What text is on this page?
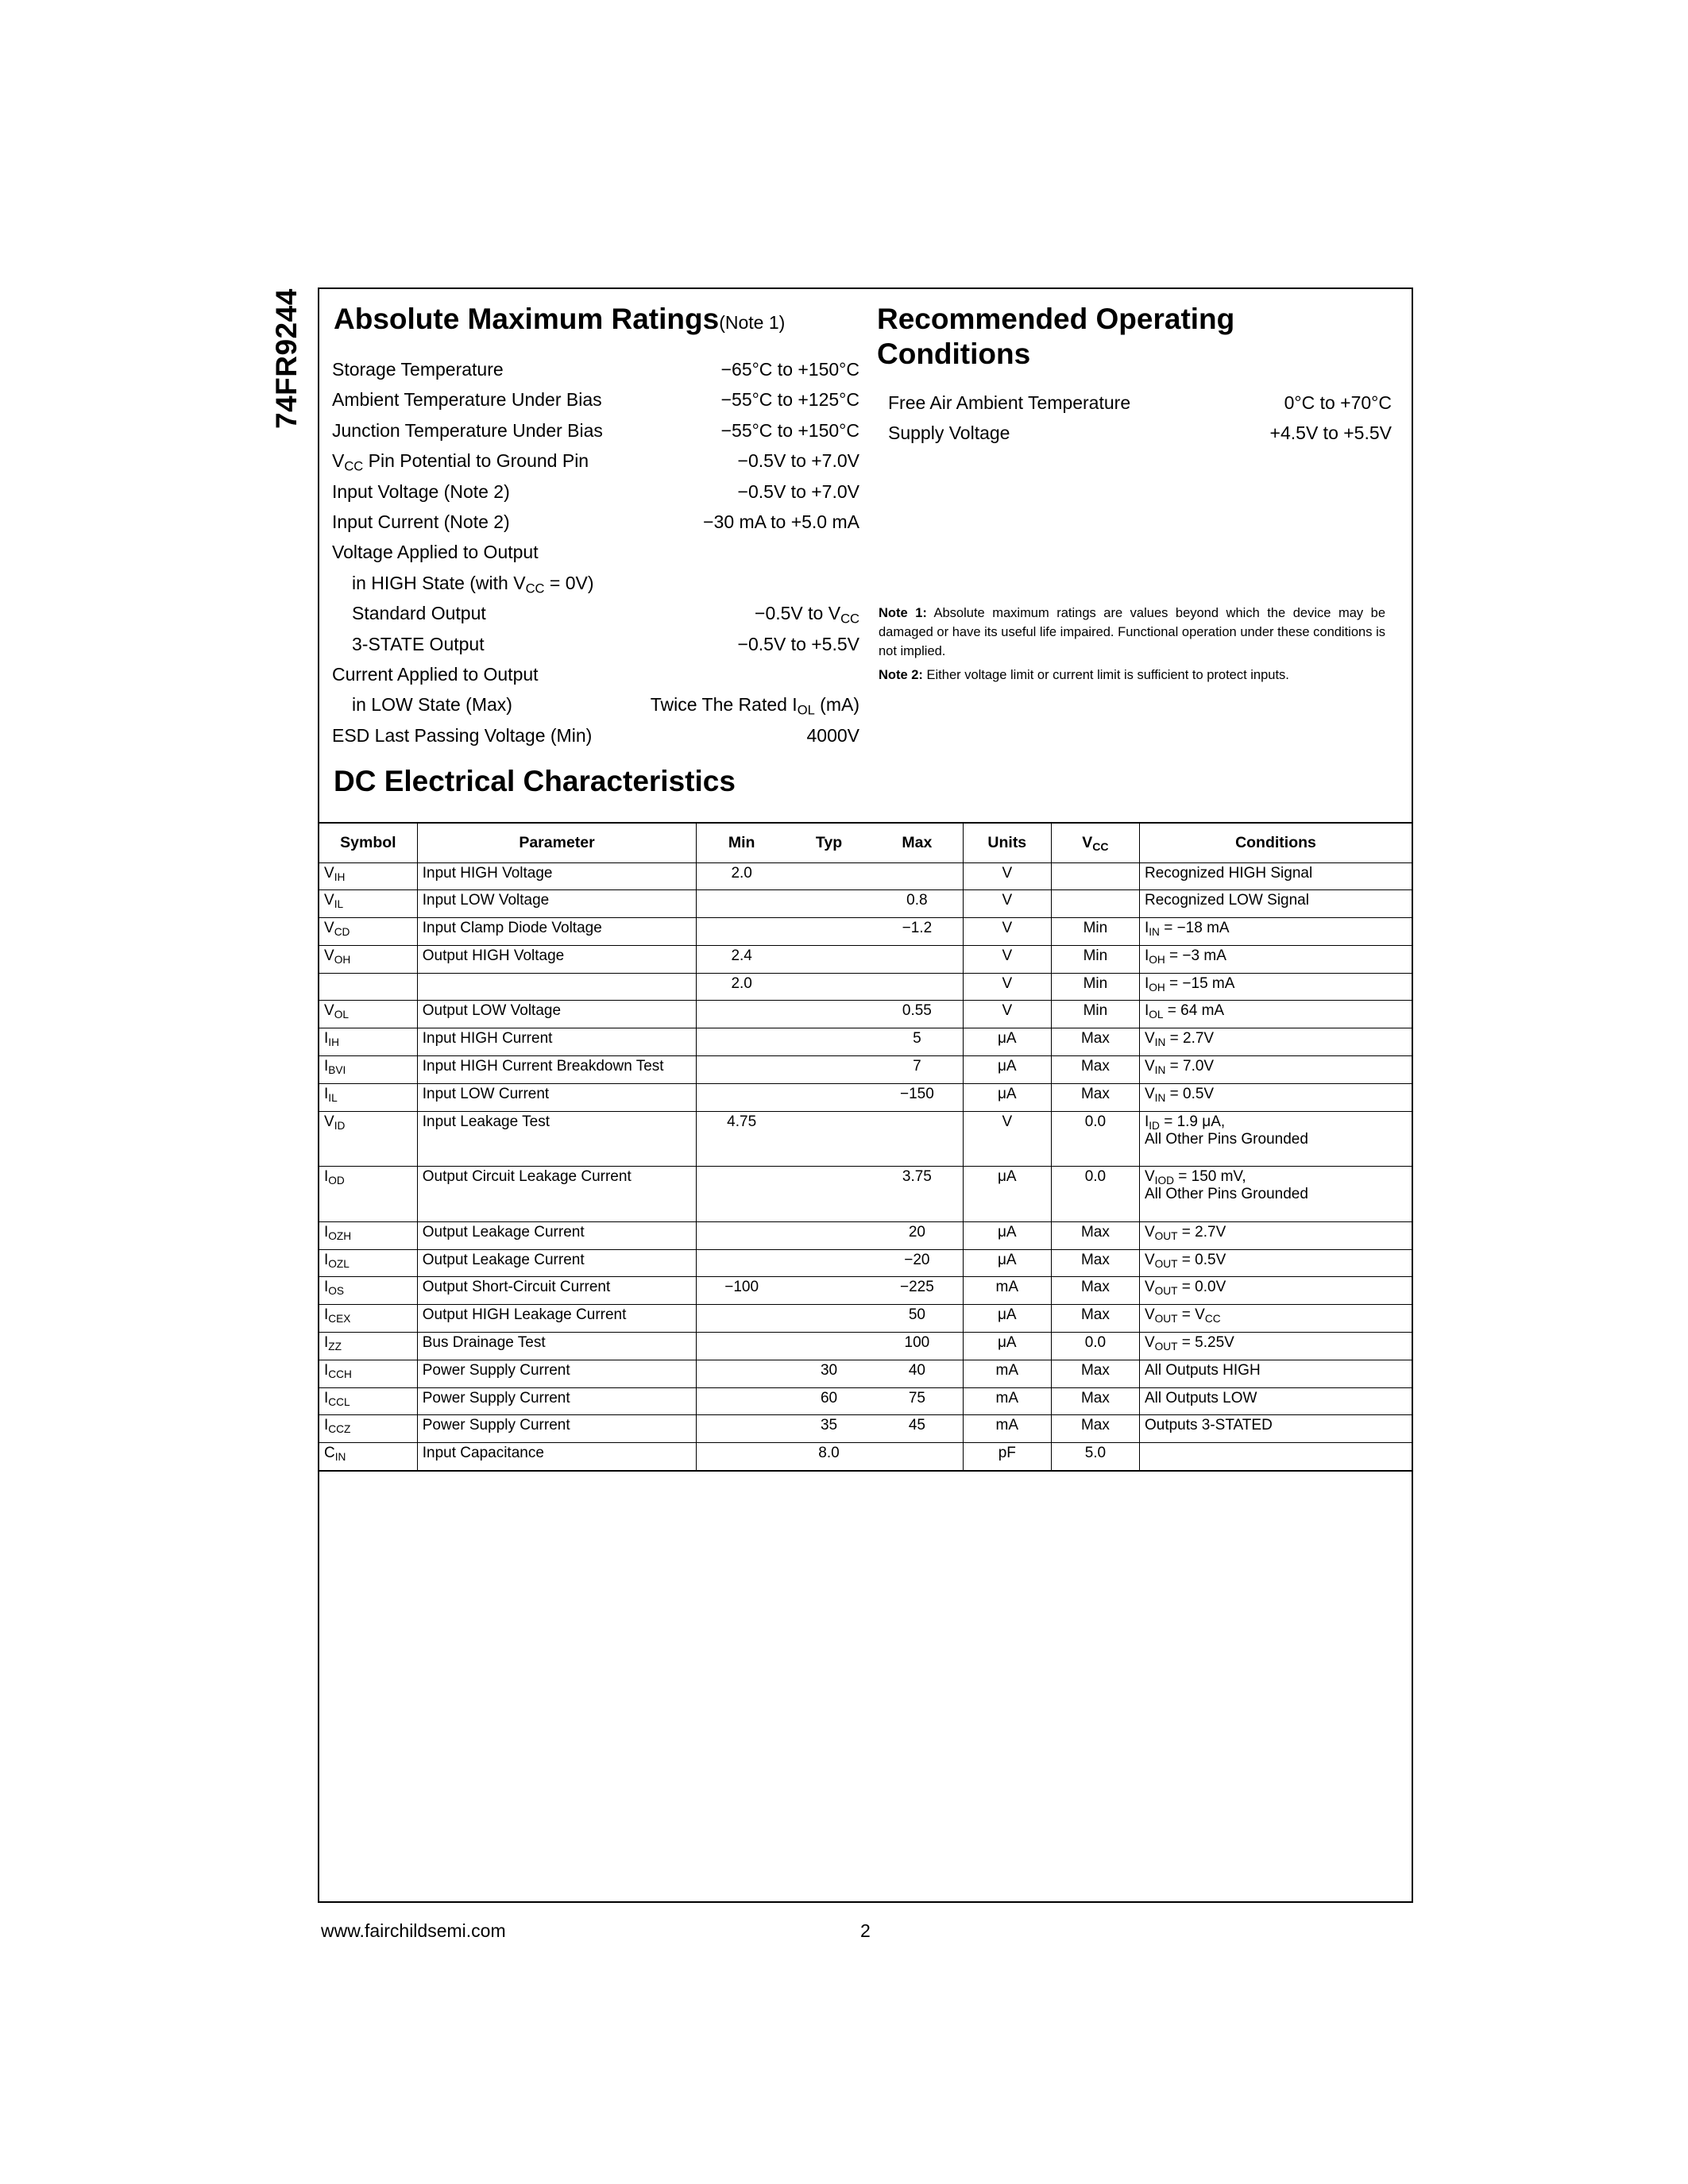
74FR9244 Absolute Maximum Ratings(Note 1)
Storage Temperature	−65°C to +150°C
Ambient Temperature Under Bias	−55°C to +125°C
Junction Temperature Under Bias	−55°C to +150°C
$V_{CC}$ Pin Potential to Ground Pin	−0.5V to +7.0V
Input Voltage (Note 2)	−0.5V to +7.0V
Input Current (Note 2)	−30 mA to +5.0 mA
Voltage Applied to Output
in HIGH State (with $V_{CC} = 0V$)
Standard Output	−0.5V to $V_{CC}$
3-STATE Output	−0.5V to +5.5V
Current Applied to Output
in LOW State (Max)	Twice The Rated $I_{OL}$ (mA)
ESD Last Passing Voltage (Min)	4000V
Recommended Operating
Conditions
Free Air Ambient Temperature	0°C to +70°C
Supply Voltage	+4.5V to +5.5V

Note 1: Absolute maximum ratings are values beyond which the device may be damaged or have its useful life impaired. Functional operation under these conditions is not implied.

Note 2: Either voltage limit or current limit is sufficient to protect inputs.

DC Electrical Characteristics
Symbol	Parameter	Min	Typ	Max	Units	$V_{CC}$	Conditions
$V_{IH}$	Input HIGH Voltage	2.0			V		Recognized HIGH Signal
$V_{IL}$	Input LOW Voltage			0.8	V		Recognized LOW Signal
$V_{CD}$	Input Clamp Diode Voltage			−1.2	V	Min	$I_{IN} = -18$ mA

$V_{OH}$	Output HIGH Voltage	2.4			V	Min	$I_{OH} = -3$ mA

		2.0			V	Min	$I_{OH} = -15$ mA

$V_{OL}$	Output LOW Voltage			0.55	V	Min	$I_{OL} = 64$ mA

$I_{IH}$	Input HIGH Current			5	μA	Max	$V_{IN} = 2.7V$

$I_{BVI}$	Input HIGH Current Breakdown Test			7	μA	Max	$V_{IN} = 7.0V$

$I_{IL}$	Input LOW Current			−150	μA	Max	$V_{IN} = 0.5V$

$V_{ID}$	Input Leakage Test	4.75			V	0.0	$I_{ID} = 1.9$ μA,
All Other Pins Grounded

$I_{OD}$	Output Circuit Leakage Current			3.75	μA	0.0	$V_{IOD} = 150$ mV,
All Other Pins Grounded

$I_{OZH}$	Output Leakage Current			20	μA	Max	$V_{OUT} = 2.7V$

$I_{OZL}$	Output Leakage Current			−20	μA	Max	$V_{OUT} = 0.5V$

$I_{OS}$	Output Short-Circuit Current	−100		−225	mA	Max	$V_{OUT} = 0.0V$

$I_{CEX}$	Output HIGH Leakage Current			50	μA	Max	$V_{OUT} = V_{CC}$

$I_{ZZ}$	Bus Drainage Test			100	μA	0.0	$V_{OUT} = 5.25V$

$I_{CCH}$	Power Supply Current		30	40	mA	Max	All Outputs HIGH
$I_{CCL}$	Power Supply Current		60	75	mA	Max	All Outputs LOW
$I_{CCZ}$	Power Supply Current		35	45	mA	Max	Outputs 3-STATED
$C_{IN}$	Input Capacitance		8.0		pF	5.0	
www.fairchildsemi.com	2
